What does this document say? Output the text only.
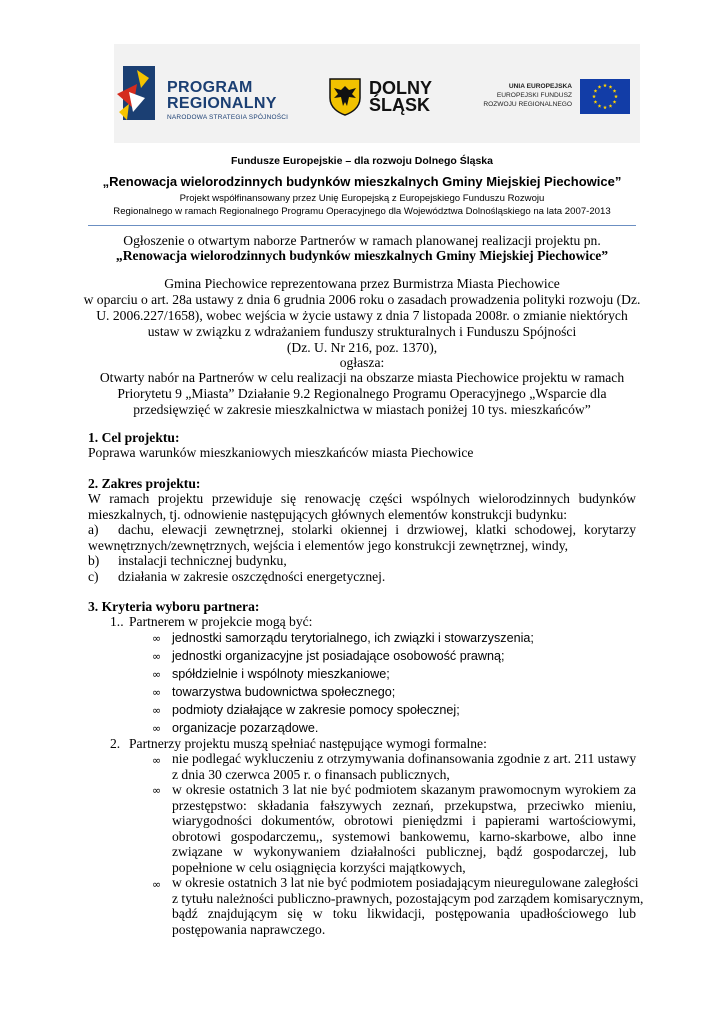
PROGRAM
REGIONALNY
NARODOWA STRATEGIA SPÓJNOŚCI
DOLNY
ŚLĄSK
UNIA EUROPEJSKA
EUROPEJSKI FUNDUSZ
ROZWOJU REGIONALNEGO
Fundusze Europejskie – dla rozwoju Dolnego Śląska
„Renowacja wielorodzinnych budynków mieszkalnych Gminy Miejskiej Piechowice”
Projekt współfinansowany przez Unię Europejską z Europejskiego Funduszu Rozwoju
Regionalnego w ramach Regionalnego Programu Operacyjnego dla Województwa Dolnośląskiego na lata 2007-2013
Ogłoszenie o otwartym naborze Partnerów w ramach planowanej realizacji projektu pn.
„Renowacja wielorodzinnych budynków mieszkalnych Gminy Miejskiej Piechowice”
Gmina Piechowice reprezentowana przez Burmistrza Miasta Piechowice
w oparciu o art. 28a ustawy z dnia 6 grudnia 2006 roku o zasadach prowadzenia polityki rozwoju (Dz.
U. 2006.227/1658), wobec wejścia w życie ustawy z dnia 7 listopada 2008r. o zmianie niektórych
ustaw w związku z wdrażaniem funduszy strukturalnych i Funduszu Spójności
(Dz. U. Nr 216, poz. 1370),
ogłasza:
Otwarty nabór na Partnerów w celu realizacji na obszarze miasta Piechowice projektu w ramach
Priorytetu 9 „Miasta” Działanie 9.2 Regionalnego Programu Operacyjnego „Wsparcie dla
przedsięwzięć w zakresie mieszkalnictwa w miastach poniżej 10 tys. mieszkańców”
1. Cel projektu:
Poprawa warunków mieszkaniowych mieszkańców miasta Piechowice
2. Zakres projektu:
W ramach projektu przewiduje się renowację części wspólnych wielorodzinnych budynków
mieszkalnych, tj. odnowienie następujących głównych elementów konstrukcji budynku:
a) dachu, elewacji zewnętrznej, stolarki okiennej i drzwiowej, klatki schodowej, korytarzy
wewnętrznych/zewnętrznych, wejścia i elementów jego konstrukcji zewnętrznej, windy,
b) instalacji technicznej budynku,
c) działania w zakresie oszczędności energetycznej.
3. Kryteria wyboru partnera:
1.. Partnerem w projekcie mogą być:
∞ jednostki samorządu terytorialnego, ich związki i stowarzyszenia;
∞ jednostki organizacyjne jst posiadające osobowość prawną;
∞ spółdzielnie i wspólnoty mieszkaniowe;
∞ towarzystwa budownictwa społecznego;
∞ podmioty działające w zakresie pomocy społecznej;
∞ organizacje pozarządowe.
2. Partnerzy projektu muszą spełniać następujące wymogi formalne:
∞ nie podlegać wykluczeniu z otrzymywania dofinansowania zgodnie z art. 211 ustawy
z dnia 30 czerwca 2005 r. o finansach publicznych,
∞ w okresie ostatnich 3 lat nie być podmiotem skazanym prawomocnym wyrokiem za
przestępstwo: składania fałszywych zeznań, przekupstwa, przeciwko mieniu,
wiarygodności dokumentów, obrotowi pieniędzmi i papierami wartościowymi,
obrotowi gospodarczemu,, systemowi bankowemu, karno-skarbowe, albo inne
związane w wykonywaniem działalności publicznej, bądź gospodarczej, lub
popełnione w celu osiągnięcia korzyści majątkowych,
∞ w okresie ostatnich 3 lat nie być podmiotem posiadającym nieuregulowane zaległości
z tytułu należności publiczno-prawnych, pozostającym pod zarządem komisarycznym,
bądź znajdującym się w toku likwidacji, postępowania upadłościowego lub
postępowania naprawczego.
